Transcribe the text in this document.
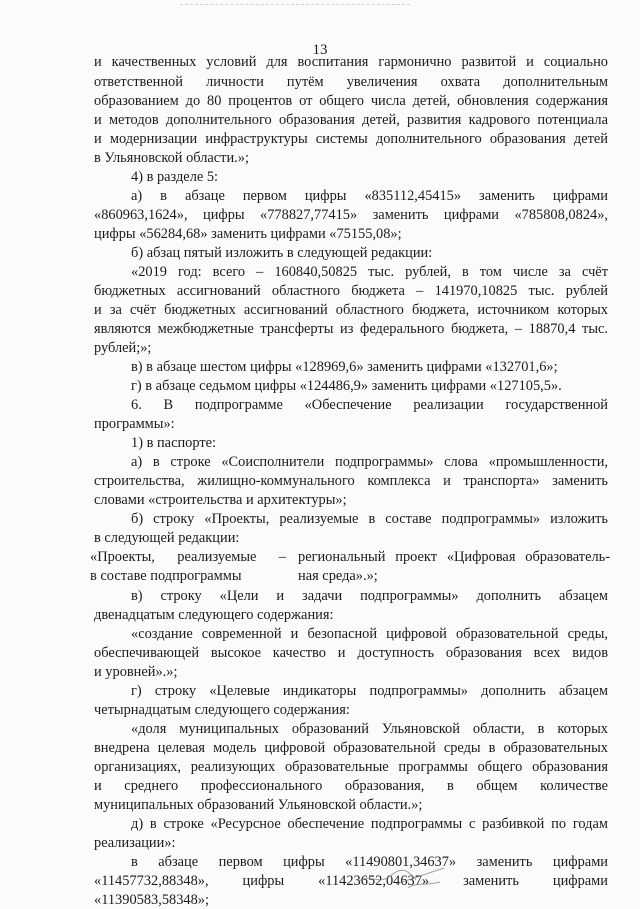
13
и качественных условий для воспитания гармонично развитой и социально
ответственной личности путём увеличения охвата дополнительным
образованием до 80 процентов от общего числа детей, обновления содержания
и методов дополнительного образования детей, развития кадрового потенциала
и модернизации инфраструктуры системы дополнительного образования детей
в Ульяновской области.»;
4) в разделе 5:
а) в абзаце первом цифры «835112,45415» заменить цифрами
«860963,1624», цифры «778827,77415» заменить цифрами «785808,0824»,
цифры «56284,68» заменить цифрами «75155,08»;
б) абзац пятый изложить в следующей редакции:
«2019 год: всего – 160840,50825 тыс. рублей, в том числе за счёт
бюджетных ассигнований областного бюджета – 141970,10825 тыс. рублей
и за счёт бюджетных ассигнований областного бюджета, источником которых
являются межбюджетные трансферты из федерального бюджета, – 18870,4 тыс.
рублей;»;
в) в абзаце шестом цифры «128969,6» заменить цифрами «132701,6»;
г) в абзаце седьмом цифры «124486,9» заменить цифрами «127105,5».
6. В подпрограмме «Обеспечение реализации государственной
программы»:
1) в паспорте:
а) в строке «Соисполнители подпрограммы» слова «промышленности,
строительства, жилищно-коммунального комплекса и транспорта» заменить
словами «строительства и архитектуры»;
б) строку «Проекты, реализуемые в составе подпрограммы» изложить
в следующей редакции:
«Проекты, реализуемые – региональный проект «Цифровая образователь-
в составе подпрограммы	ная среда».»;
в) строку «Цели и задачи подпрограммы» дополнить абзацем
двенадцатым следующего содержания:
«создание современной и безопасной цифровой образовательной среды,
обеспечивающей высокое качество и доступность образования всех видов
и уровней».»;
г) строку «Целевые индикаторы подпрограммы» дополнить абзацем
четырнадцатым следующего содержания:
«доля муниципальных образований Ульяновской области, в которых
внедрена целевая модель цифровой образовательной среды в образовательных
организациях, реализующих образовательные программы общего образования
и среднего профессионального образования, в общем количестве
муниципальных образований Ульяновской области.»;
д) в строке «Ресурсное обеспечение подпрограммы с разбивкой по годам
реализации»:
в абзаце первом цифры «11490801,34637» заменить цифрами
«11457732,88348», цифры «11423652,04637» заменить цифрами
«11390583,58348»;
